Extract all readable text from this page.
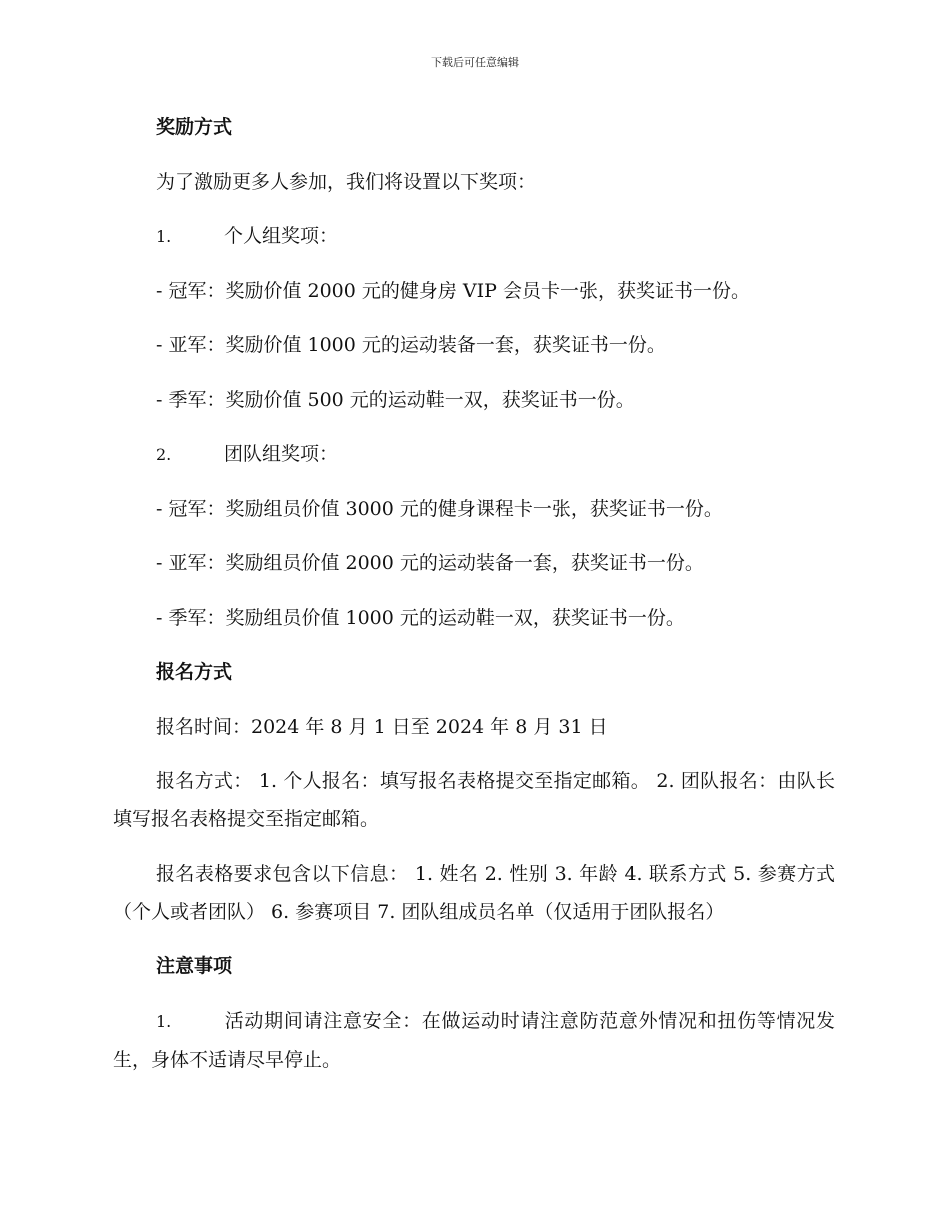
下载后可任意编辑
奖励方式
为了激励更多人参加，我们将设置以下奖项：
1.	个人组奖项：
- 冠军：奖励价值 2000 元的健身房 VIP 会员卡一张，获奖证书一份。
- 亚军：奖励价值 1000 元的运动装备一套，获奖证书一份。
- 季军：奖励价值 500 元的运动鞋一双，获奖证书一份。
2.	团队组奖项：
- 冠军：奖励组员价值 3000 元的健身课程卡一张，获奖证书一份。
- 亚军：奖励组员价值 2000 元的运动装备一套，获奖证书一份。
- 季军：奖励组员价值 1000 元的运动鞋一双，获奖证书一份。
报名方式
报名时间：2024 年 8 月 1 日至 2024 年 8 月 31 日
报名方式： 1. 个人报名：填写报名表格提交至指定邮箱。 2. 团队报名：由队长填写报名表格提交至指定邮箱。
报名表格要求包含以下信息： 1. 姓名 2. 性别 3. 年龄 4. 联系方式 5. 参赛方式（个人或者团队） 6. 参赛项目 7. 团队组成员名单（仅适用于团队报名）
注意事项
1.	活动期间请注意安全：在做运动时请注意防范意外情况和扭伤等情况发生，身体不适请尽早停止。
